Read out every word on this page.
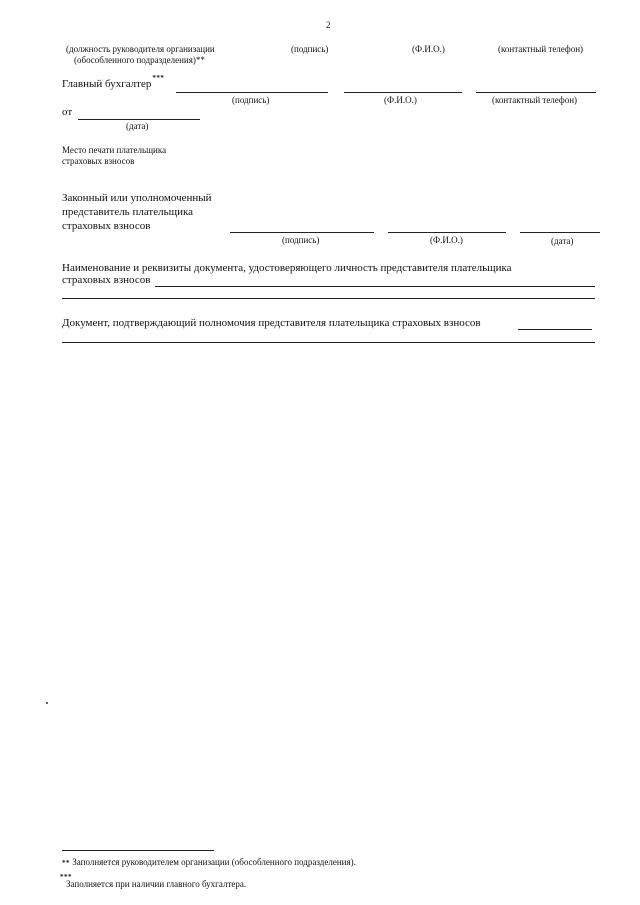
2
(должность руководителя организации
(обособленного подразделения)**
(подпись)	(Ф.И.О.)	(контактный телефон)
Главный бухгалтер***
(подпись)	(Ф.И.О.)	(контактный телефон)
от
(дата)
Место печати плательщика
страховых взносов
Законный или уполномоченный
представитель плательщика
страховых взносов
(подпись)	(Ф.И.О.)	(дата)
Наименование и реквизиты документа, удостоверяющего личность представителя плательщика
страховых взносов
Документ, подтверждающий полномочия представителя плательщика страховых взносов
** Заполняется руководителем организации (обособленного подразделения).
***
Заполняется при наличии главного бухгалтера.
